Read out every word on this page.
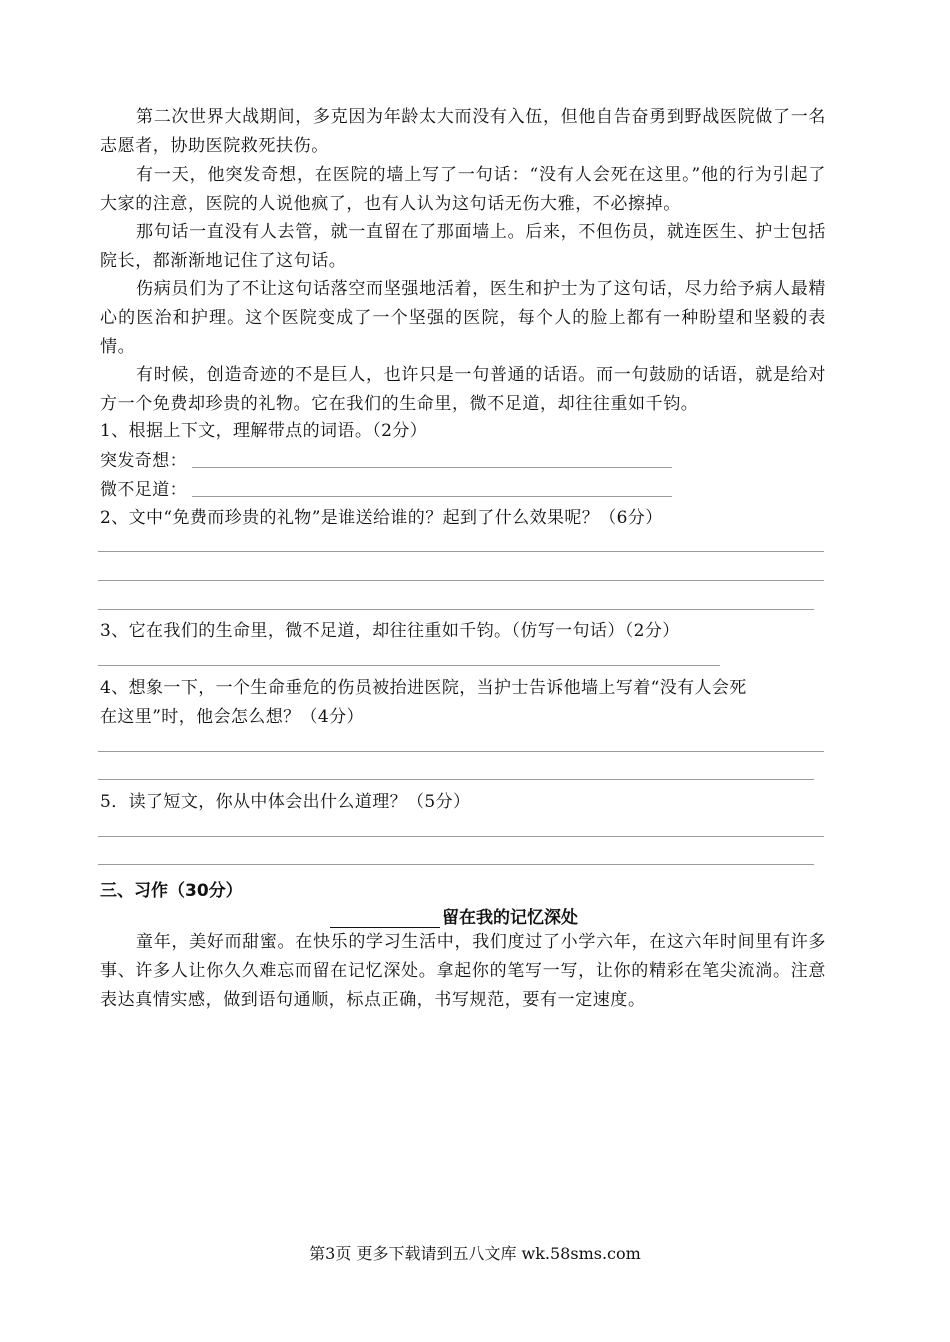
第二次世界大战期间，多克因为年龄太大而没有入伍，但他自告奋勇到野战医院做了一名志愿者，协助医院救死扶伤。
有一天，他突发奇想，在医院的墙上写了一句话：“没有人会死在这里。”他的行为引起了大家的注意，医院的人说他疯了，也有人认为这句话无伤大雅，不必擦掉。
那句话一直没有人去管，就一直留在了那面墙上。后来，不但伤员，就连医生、护士包括院长，都渐渐地记住了这句话。
伤病员们为了不让这句话落空而坚强地活着，医生和护士为了这句话，尽力给予病人最精心的医治和护理。这个医院变成了一个坚强的医院，每个人的脸上都有一种盼望和坚毅的表情。
有时候，创造奇迹的不是巨人，也许只是一句普通的话语。而一句鼓励的话语，就是给对方一个免费却珍贵的礼物。它在我们的生命里，微不足道，却往往重如千钧。
1、根据上下文，理解带点的词语。（2分）
突发奇想：
微不足道：
2、文中“免费而珍贵的礼物”是谁送给谁的？起到了什么效果呢？（6分）
3、它在我们的生命里，微不足道，却往往重如千钧。（仿写一句话）（2分）
4、想象一下，一个生命垂危的伤员被抬进医院，当护士告诉他墙上写着“没有人会死
在这里”时，他会怎么想？（4分）
5．读了短文，你从中体会出什么道理？（5分）
三、习作（30分）
留在我的记忆深处
童年，美好而甜蜜。在快乐的学习生活中，我们度过了小学六年，在这六年时间里有许多事、许多人让你久久难忘而留在记忆深处。拿起你的笔写一写，让你的精彩在笔尖流淌。注意表达真情实感，做到语句通顺，标点正确，书写规范，要有一定速度。
第3页 更多下载请到五八文库 wk.58sms.com
